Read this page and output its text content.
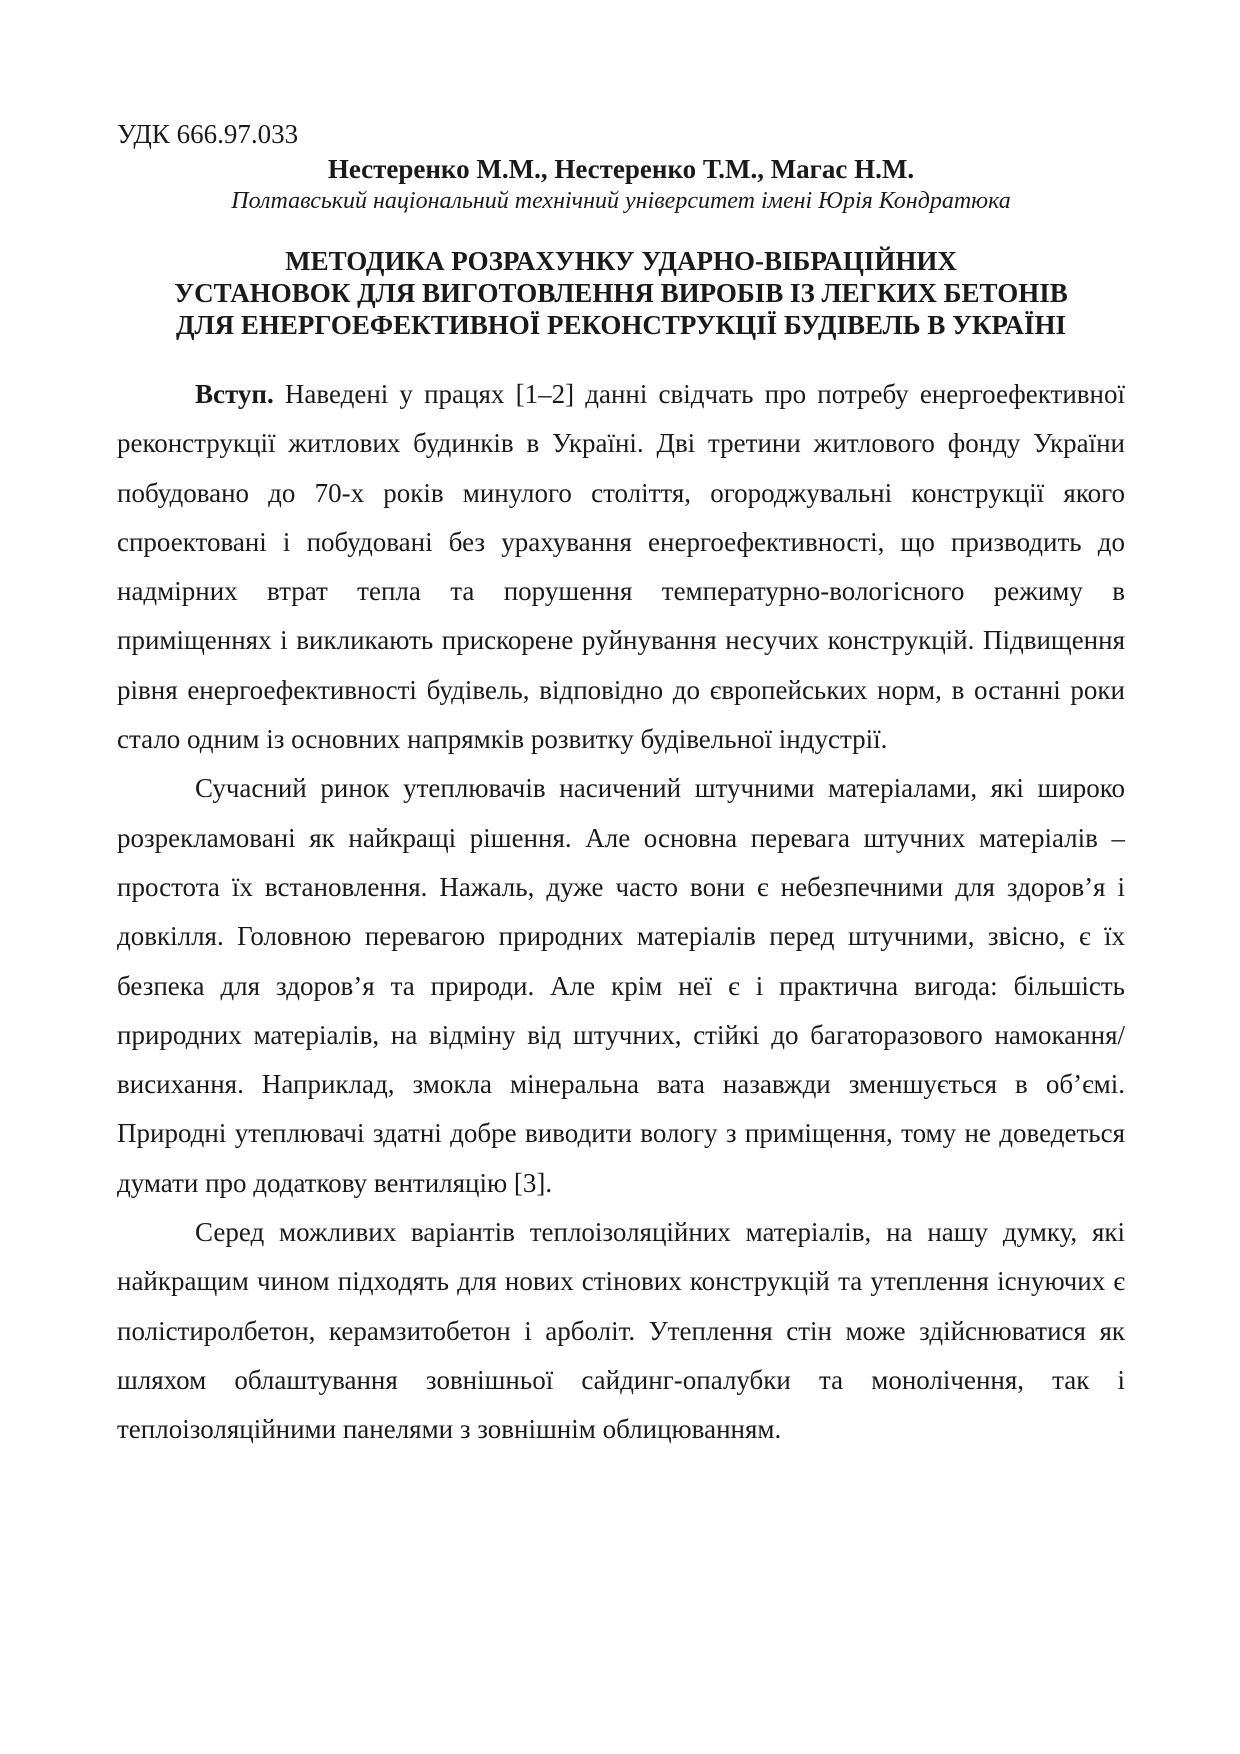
УДК 666.97.033
Нестеренко М.М., Нестеренко Т.М., Магас Н.М.
Полтавський національний технічний університет імені Юрія Кондратюка
МЕТОДИКА РОЗРАХУНКУ УДАРНО-ВІБРАЦІЙНИХ
УСТАНОВОК ДЛЯ ВИГОТОВЛЕННЯ ВИРОБІВ ІЗ ЛЕГКИХ БЕТОНІВ
ДЛЯ ЕНЕРГОЕФЕКТИВНОЇ РЕКОНСТРУКЦІЇ БУДІВЕЛЬ В УКРАЇНІ

Вступ. Наведені у працях [1–2] данні свідчать про потребу енергоефективної реконструкції житлових будинків в Україні. Дві третини житлового фонду України побудовано до 70-х років минулого століття, огороджувальні конструкції якого спроектовані і побудовані без урахування енергоефективності, що призводить до надмірних втрат тепла та порушення температурно-вологісного режиму в приміщеннях і викликають прискорене руйнування несучих конструкцій. Підвищення рівня енергоефективності будівель, відповідно до європейських норм, в останні роки стало одним із основних напрямків розвитку будівельної індустрії.

Сучасний ринок утеплювачів насичений штучними матеріалами, які широко розрекламовані як найкращі рішення. Але основна перевага штучних матеріалів – простота їх встановлення. Нажаль, дуже часто вони є небезпечними для здоров’я і довкілля. Головною перевагою природних матеріалів перед штучними, звісно, є їх безпека для здоров’я та природи. Але крім неї є і практична вигода: більшість природних матеріалів, на відміну від штучних, стійкі до багаторазового намокання/висихання. Наприклад, змокла мінеральна вата назавжди зменшується в об’ємі. Природні утеплювачі здатні добре виводити вологу з приміщення, тому не доведеться думати про додаткову вентиляцію [3].

Серед можливих варіантів теплоізоляційних матеріалів, на нашу думку, які найкращим чином підходять для нових стінових конструкцій та утеплення існуючих є полістиролбетон, керамзитобетон і арболіт. Утеплення стін може здійснюватися як шляхом облаштування зовнішньої сайдинг-опалубки та монолічення, так і теплоізоляційними панелями з зовнішнім облицюванням.
